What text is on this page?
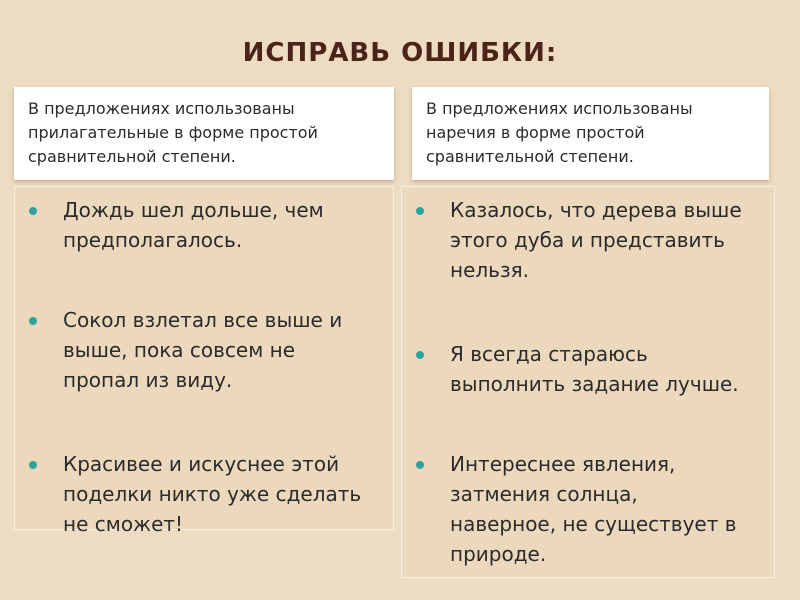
ИСПРАВЬ ОШИБКИ:
В предложениях использованы
прилагательные в форме простой
сравнительной степени.
В предложениях использованы
наречия в форме простой
сравнительной степени.
Дождь шел дольше, чем
предполагалось.
Сокол взлетал все выше и
выше, пока совсем не
пропал из виду.
Красивее и искуснее этой
поделки никто уже сделать
не сможет!
Казалось, что дерева выше
этого дуба и представить
нельзя.
Я всегда стараюсь
выполнить задание лучше.
Интереснее явления,
затмения солнца,
наверное, не существует в
природе.
